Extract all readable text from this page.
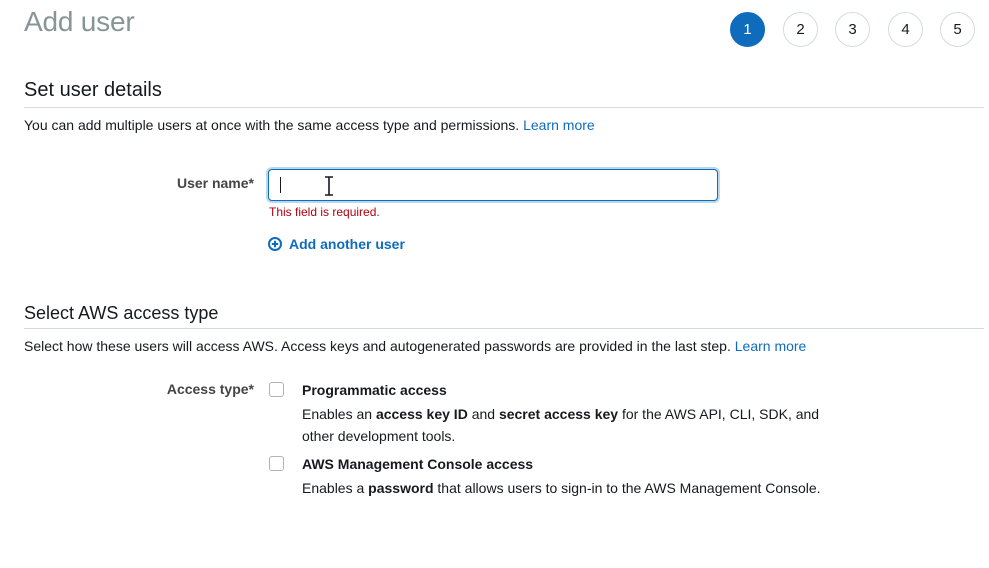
Add user	1	2	3	4	5
Set user details
You can add multiple users at once with the same access type and permissions. Learn more
User name*
This field is required.
Add another user
Select AWS access type
Select how these users will access AWS. Access keys and autogenerated passwords are provided in the last step. Learn more
Access type*	Programmatic access
Enables an access key ID and secret access key for the AWS API, CLI, SDK, and other development tools.
AWS Management Console access
Enables a password that allows users to sign-in to the AWS Management Console.
